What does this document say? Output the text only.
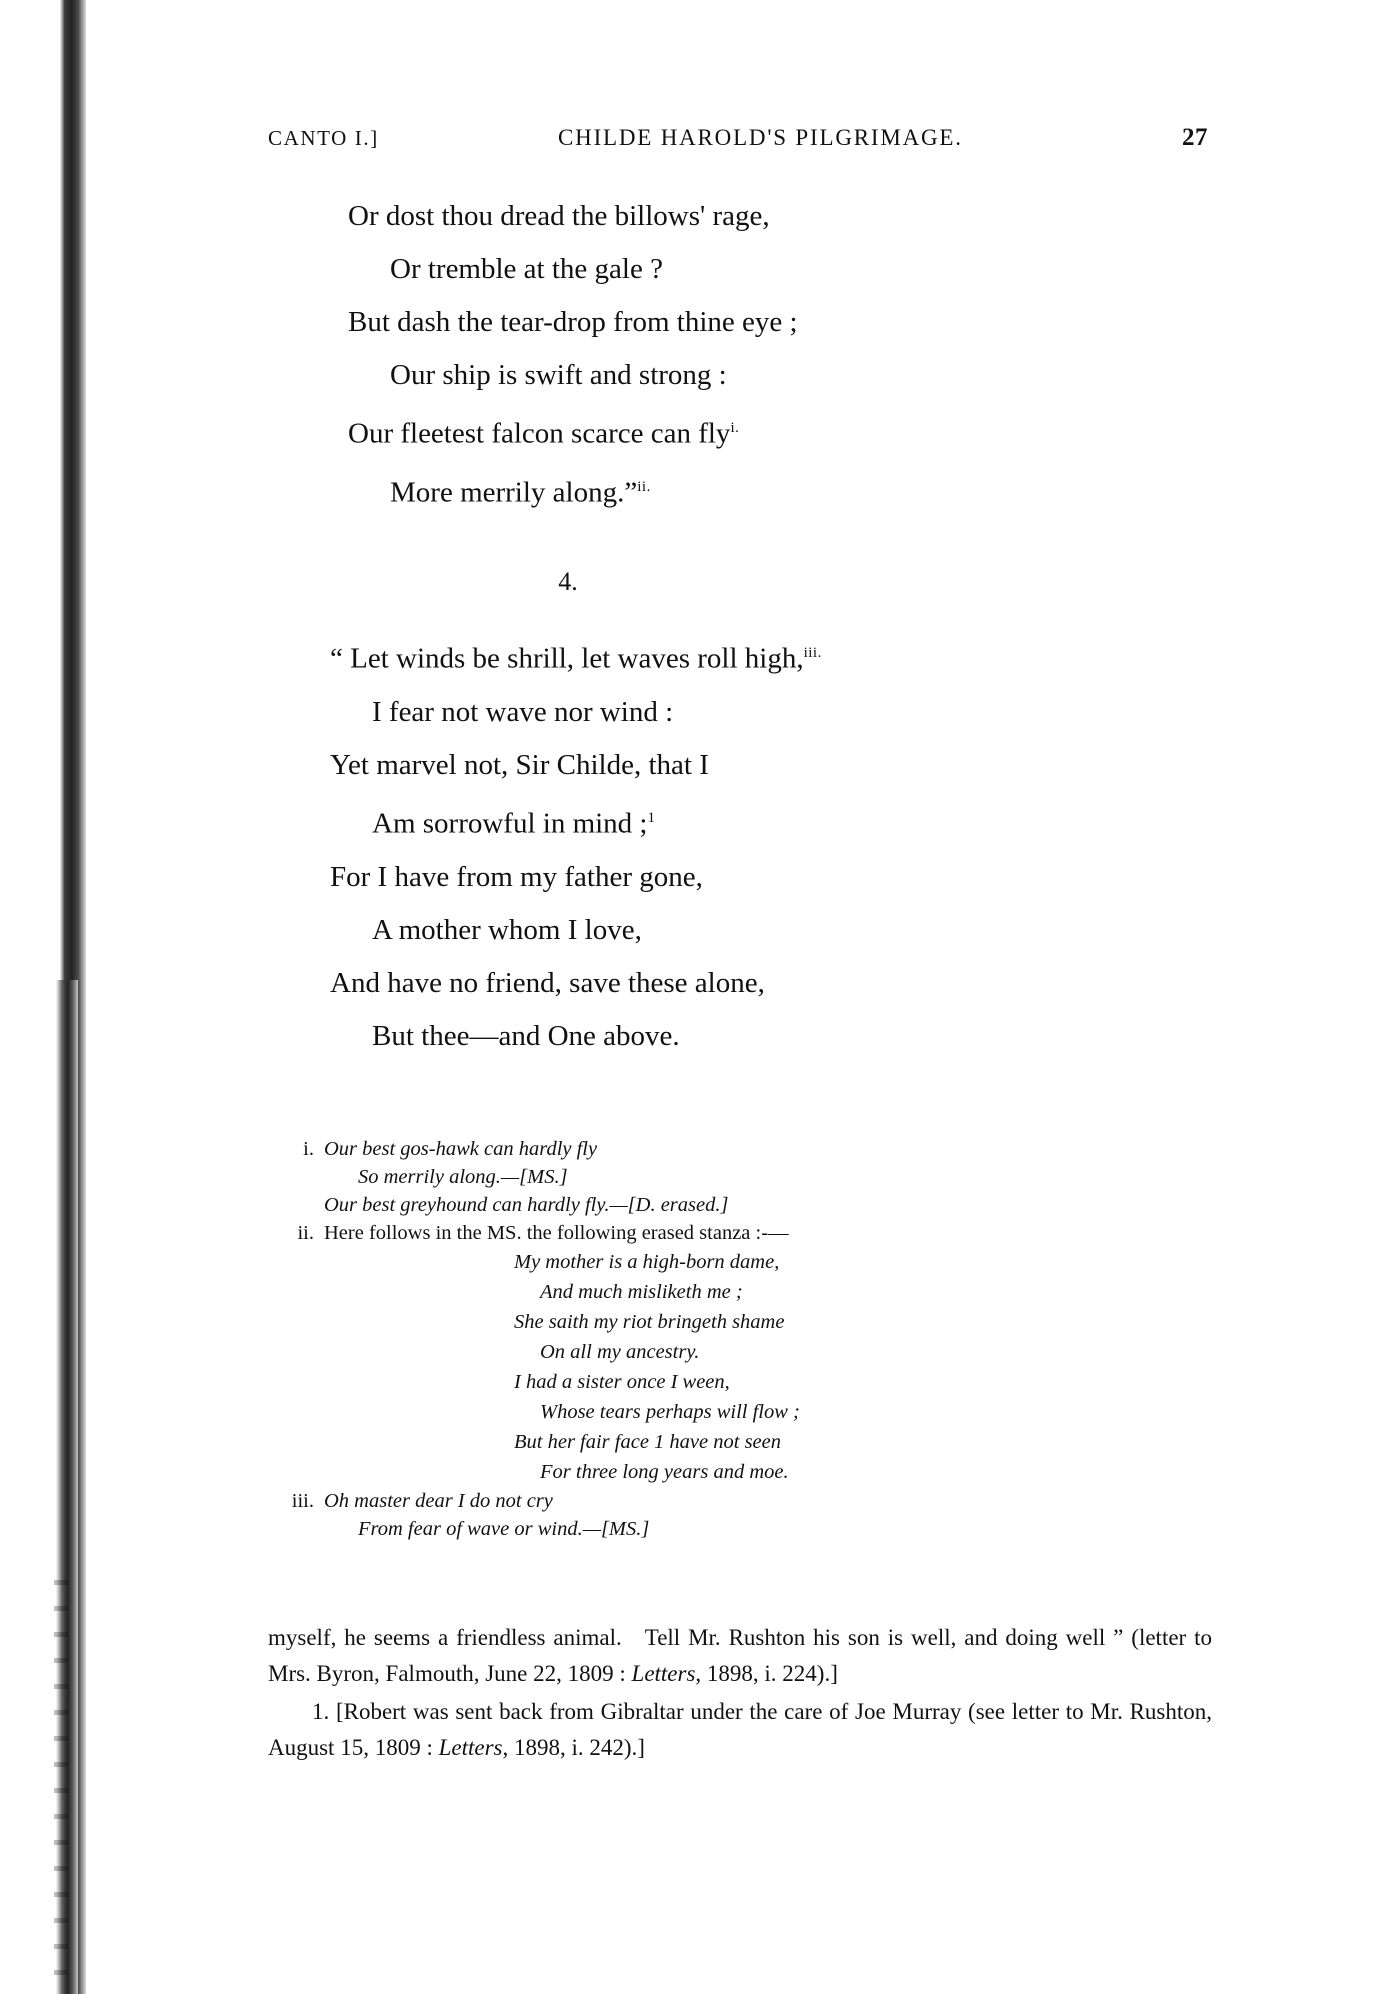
CANTO I.]	CHILDE HAROLD'S PILGRIMAGE.	27
Or dost thou dread the billows' rage,
Or tremble at the gale ?
But dash the tear-drop from thine eye ;
Our ship is swift and strong :
Our fleetest falcon scarce can fly$^{i.}$
More merrily along.”$^{ii.}$
4.
“ Let winds be shrill, let waves roll high,$^{iii.}$
I fear not wave nor wind :
Yet marvel not, Sir Childe, that I
Am sorrowful in mind ;$^1$
For I have from my father gone,
A mother whom I love,
And have no friend, save these alone,
But thee—and One above.
i. Our best gos-hawk can hardly fly
So merrily along.—[MS.]
Our best greyhound can hardly fly.—[D. erased.]
ii. Here follows in the MS. the following erased stanza :-—
My mother is a high-born dame,
And much misliketh me ;
She saith my riot bringeth shame
On all my ancestry.
I had a sister once I ween,
Whose tears perhaps will flow ;
But her fair face 1 have not seen
For three long years and moe.
iii. Oh master dear I do not cry
From fear of wave or wind.—[MS.]

myself, he seems a friendless animal. Tell Mr. Rushton his son is well, and doing well ” (letter to Mrs. Byron, Falmouth, June 22, 1809 : Letters, 1898, i. 224).]

1. [Robert was sent back from Gibraltar under the care of Joe Murray (see letter to Mr. Rushton, August 15, 1809 : Letters, 1898, i. 242).]
